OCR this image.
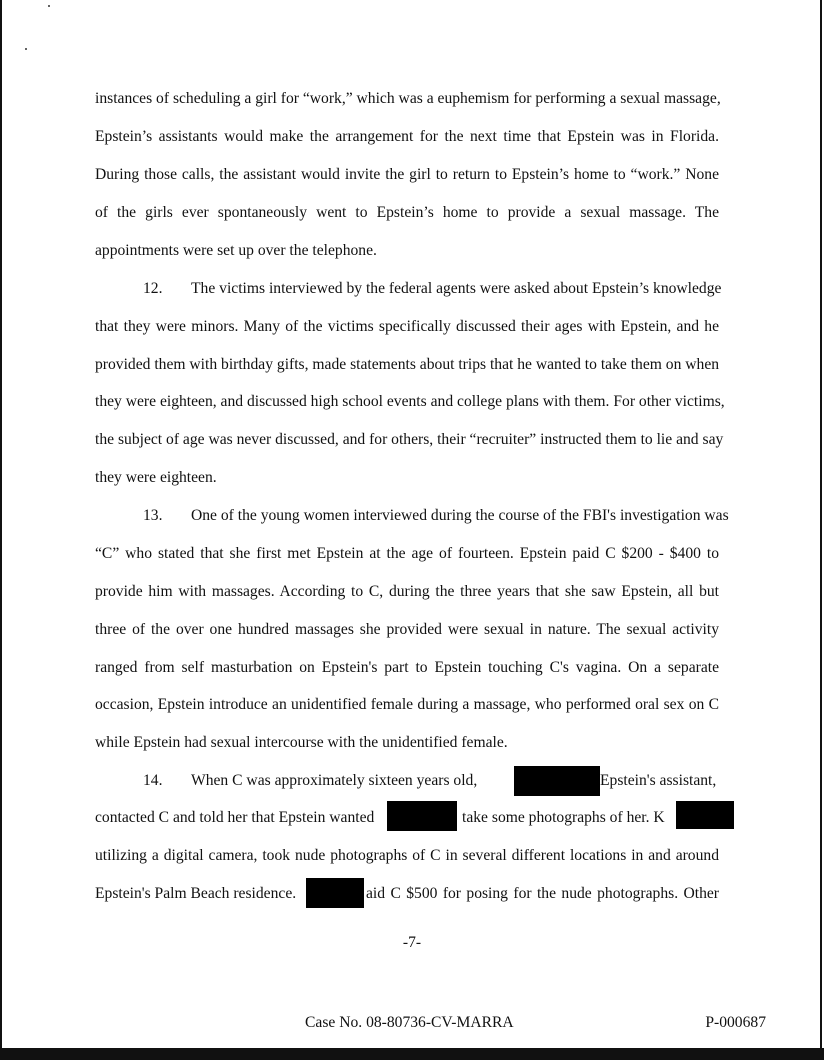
instances of scheduling a girl for “work,” which was a euphemism for performing a sexual massage,
Epstein’s assistants would make the arrangement for the next time that Epstein was in Florida.
During those calls, the assistant would invite the girl to return to Epstein’s home to “work.” None
of the girls ever spontaneously went to Epstein’s home to provide a sexual massage. The
appointments were set up over the telephone.
12. The victims interviewed by the federal agents were asked about Epstein’s knowledge
that they were minors. Many of the victims specifically discussed their ages with Epstein, and he
provided them with birthday gifts, made statements about trips that he wanted to take them on when
they were eighteen, and discussed high school events and college plans with them. For other victims,
the subject of age was never discussed, and for others, their “recruiter” instructed them to lie and say
they were eighteen.
13. One of the young women interviewed during the course of the FBI's investigation was
“C” who stated that she first met Epstein at the age of fourteen. Epstein paid C $200 - $400 to
provide him with massages. According to C, during the three years that she saw Epstein, all but
three of the over one hundred massages she provided were sexual in nature. The sexual activity
ranged from self masturbation on Epstein's part to Epstein touching C's vagina. On a separate
occasion, Epstein introduce an unidentified female during a massage, who performed oral sex on C
while Epstein had sexual intercourse with the unidentified female.
14. When C was approximately sixteen years old,	Epstein's assistant,
contacted C and told her that Epstein wanted	take some photographs of her. K
utilizing a digital camera, took nude photographs of C in several different locations in and around
Epstein's Palm Beach residence.	aid C $500 for posing for the nude photographs. Other
-7-
Case No. 08-80736-CV-MARRA	P-000687
